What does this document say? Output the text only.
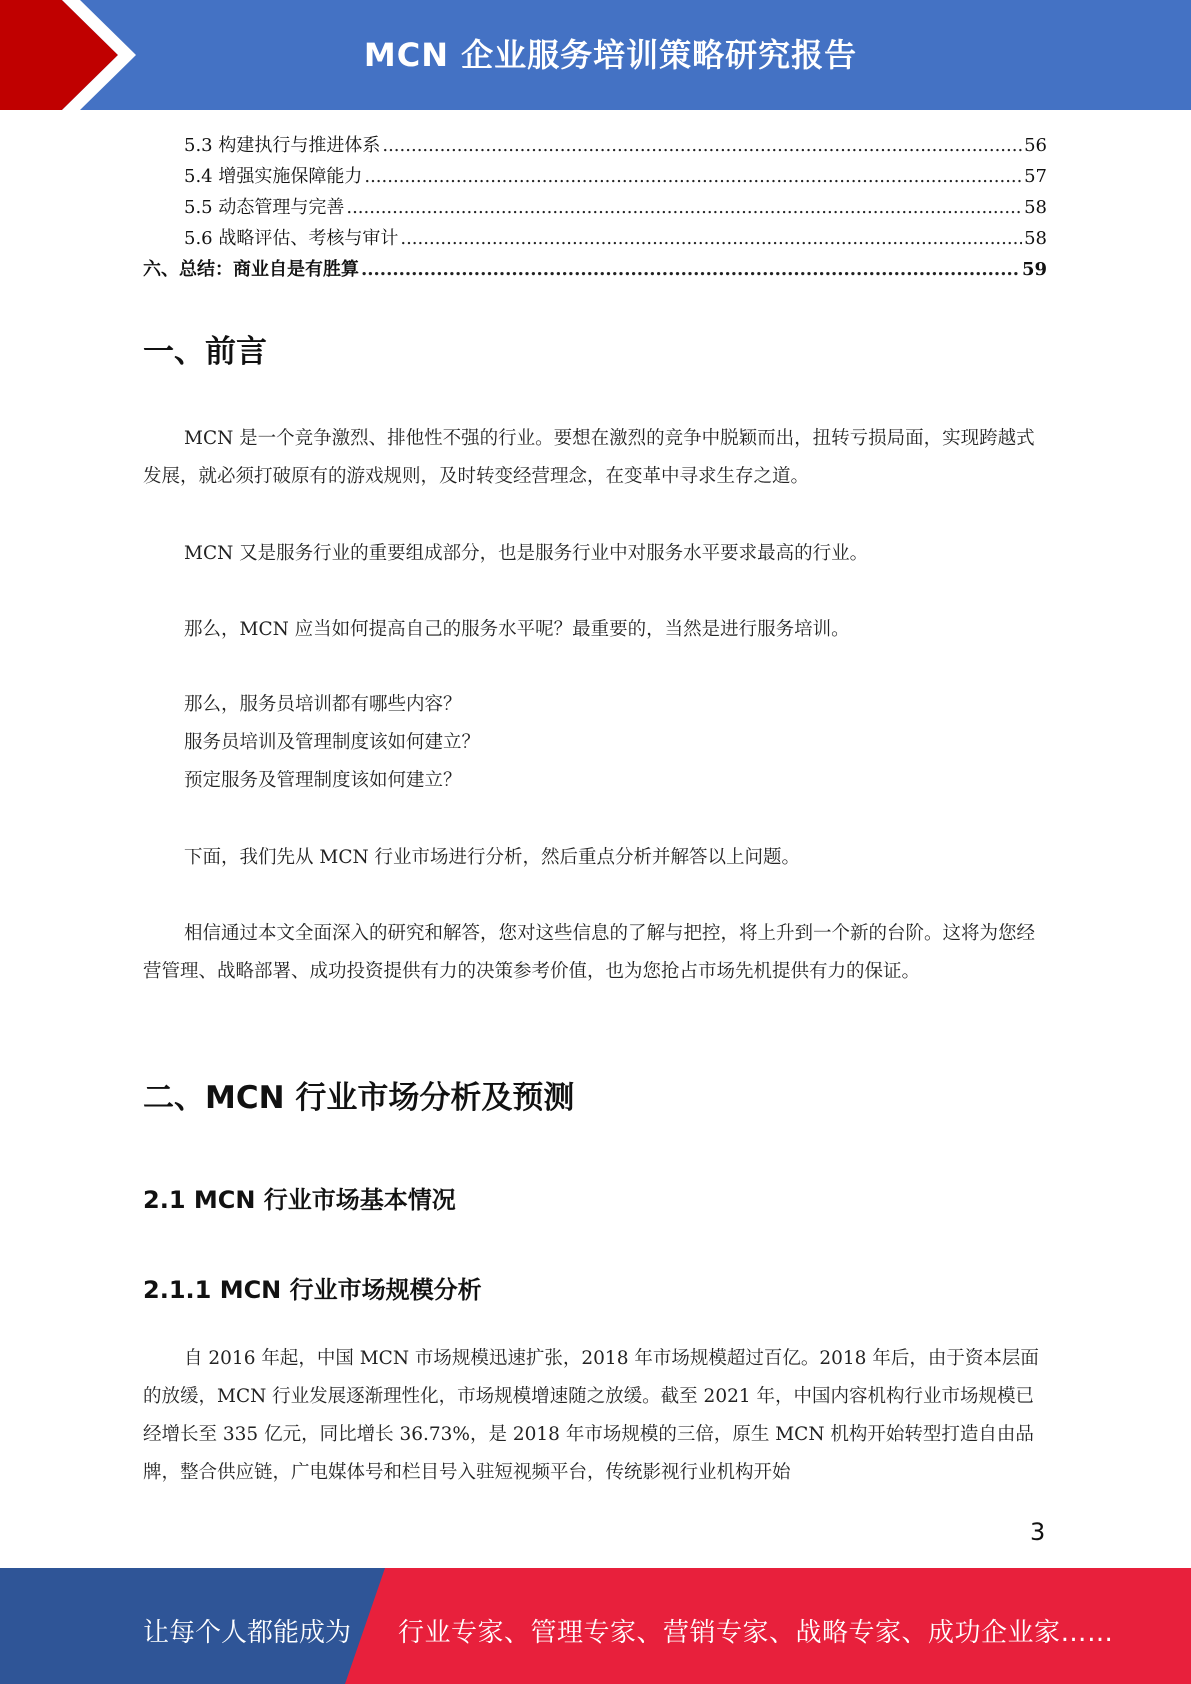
MCN 企业服务培训策略研究报告
5.3 构建执行与推进体系 .....	56
5.4 增强实施保障能力 .....	57
5.5 动态管理与完善 .....	58
5.6 战略评估、考核与审计 .....	58
六、总结：商业自是有胜算 .....	59
一、前言

MCN 是一个竞争激烈、排他性不强的行业。要想在激烈的竞争中脱颖而出，扭转亏损局面，实现跨越式发展，就必须打破原有的游戏规则，及时转变经营理念，在变革中寻求生存之道。

MCN 又是服务行业的重要组成部分，也是服务行业中对服务水平要求最高的行业。

那么，MCN 应当如何提高自己的服务水平呢？最重要的，当然是进行服务培训。

那么，服务员培训都有哪些内容？

服务员培训及管理制度该如何建立？

预定服务及管理制度该如何建立？

下面，我们先从 MCN 行业市场进行分析，然后重点分析并解答以上问题。

相信通过本文全面深入的研究和解答，您对这些信息的了解与把控，将上升到一个新的台阶。这将为您经营管理、战略部署、成功投资提供有力的决策参考价值，也为您抢占市场先机提供有力的保证。

二、MCN 行业市场分析及预测
2.1 MCN 行业市场基本情况
2.1.1 MCN 行业市场规模分析

自 2016 年起，中国 MCN 市场规模迅速扩张，2018 年市场规模超过百亿。2018 年后，由于资本层面的放缓，MCN 行业发展逐渐理性化，市场规模增速随之放缓。截至 2021 年，中国内容机构行业市场规模已经增长至 335 亿元，同比增长 36.73%，是 2018 年市场规模的三倍，原生 MCN 机构开始转型打造自由品牌，整合供应链，广电媒体号和栏目号入驻短视频平台，传统影视行业机构开始

3
让每个人都能成为 行业专家、管理专家、营销专家、战略专家、成功企业家……
